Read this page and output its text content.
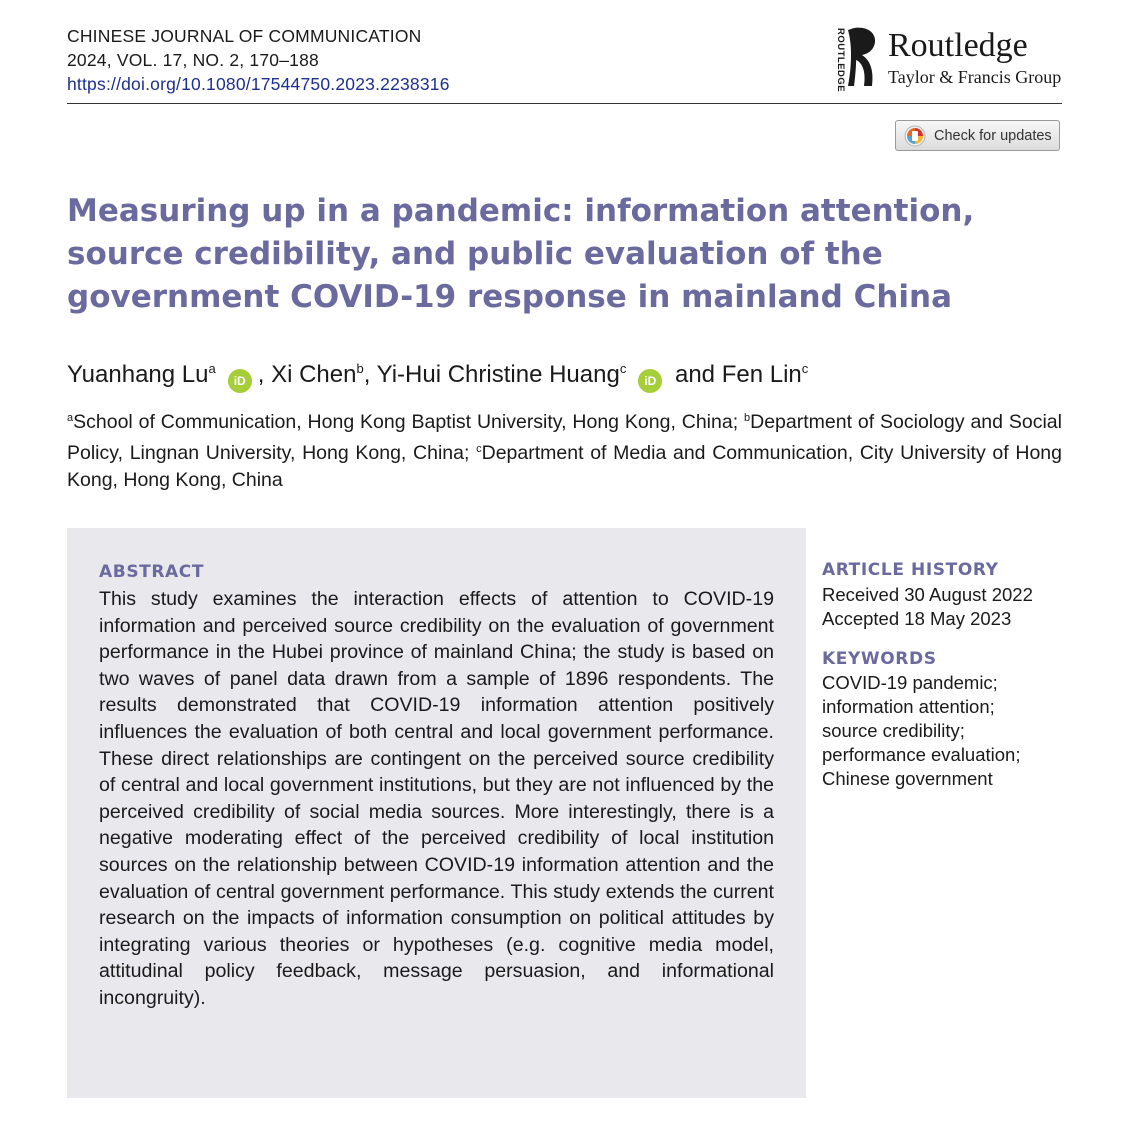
CHINESE JOURNAL OF COMMUNICATION
2024, VOL. 17, NO. 2, 170–188
https://doi.org/10.1080/17544750.2023.2238316	ROUTLEDGE Routledge
Taylor & Francis Group
Check for updates
Measuring up in a pandemic: information attention, source credibility, and public evaluation of the government COVID-19 response in mainland China
Yuanhang Lu$^a$iD , Xi Chen$^b$, Yi-Hui Christine Huang$^c$iD and Fen Lin$^c$

$^a$School of Communication, Hong Kong Baptist University, Hong Kong, China; $^b$Department of Sociology and Social Policy, Lingnan University, Hong Kong, China; $^c$Department of Media and Communication, City University of Hong Kong, Hong Kong, China

ABSTRACT

This study examines the interaction effects of attention to COVID-19 information and perceived source credibility on the evaluation of government performance in the Hubei province of mainland China; the study is based on two waves of panel data drawn from a sample of 1896 respondents. The results demonstrated that COVID-19 information attention positively influences the evaluation of both central and local government performance. These direct relationships are contingent on the perceived source credibility of central and local government institutions, but they are not influenced by the perceived credibility of social media sources. More interestingly, there is a negative moderating effect of the perceived credibility of local institution sources on the relationship between COVID-19 information attention and the evaluation of central government performance. This study extends the current research on the impacts of information consumption on political attitudes by integrating various theories or hypotheses (e.g. cognitive media model, attitudinal policy feedback, message persuasion, and informational incongruity).

ARTICLE HISTORY
Received 30 August 2022
Accepted 18 May 2023
KEYWORDS
COVID-19 pandemic;
information attention;
source credibility;
performance evaluation;
Chinese government
